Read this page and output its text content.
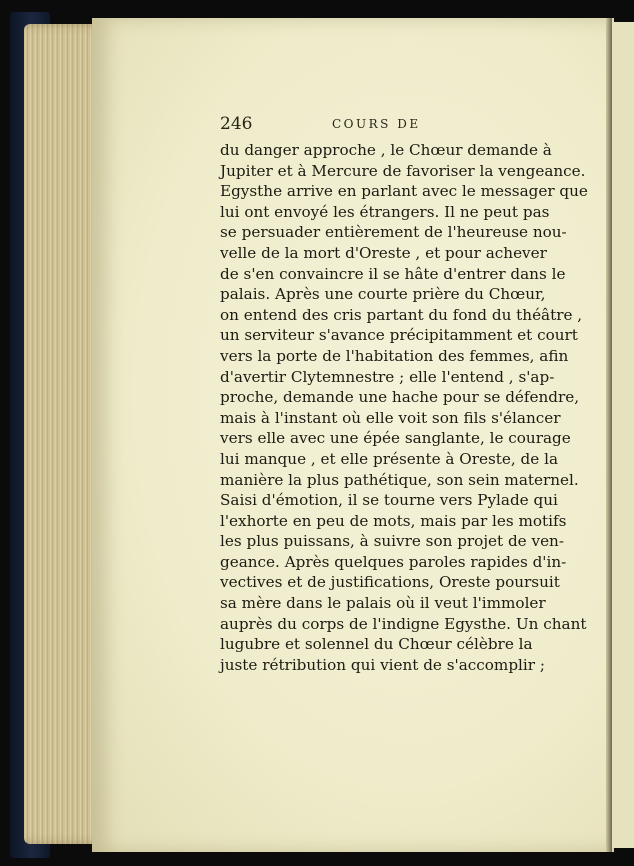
246	COURS DE
du danger approche , le Chœur demande à
Jupiter et à Mercure de favoriser la vengeance.
Egysthe arrive en parlant avec le messager que
lui ont envoyé les étrangers. Il ne peut pas
se persuader entièrement de l'heureuse nou-
velle de la mort d'Oreste , et pour achever
de s'en convaincre il se hâte d'entrer dans le
palais. Après une courte prière du Chœur,
on entend des cris partant du fond du théâtre ,
un serviteur s'avance précipitamment et court
vers la porte de l'habitation des femmes, afin
d'avertir Clytemnestre ; elle l'entend , s'ap-
proche, demande une hache pour se défendre,
mais à l'instant où elle voit son fils s'élancer
vers elle avec une épée sanglante, le courage
lui manque , et elle présente à Oreste, de la
manière la plus pathétique, son sein maternel.
Saisi d'émotion, il se tourne vers Pylade qui
l'exhorte en peu de mots, mais par les motifs
les plus puissans, à suivre son projet de ven-
geance. Après quelques paroles rapides d'in-
vectives et de justifications, Oreste poursuit
sa mère dans le palais où il veut l'immoler
auprès du corps de l'indigne Egysthe. Un chant
lugubre et solennel du Chœur célèbre la
juste rétribution qui vient de s'accomplir ;
